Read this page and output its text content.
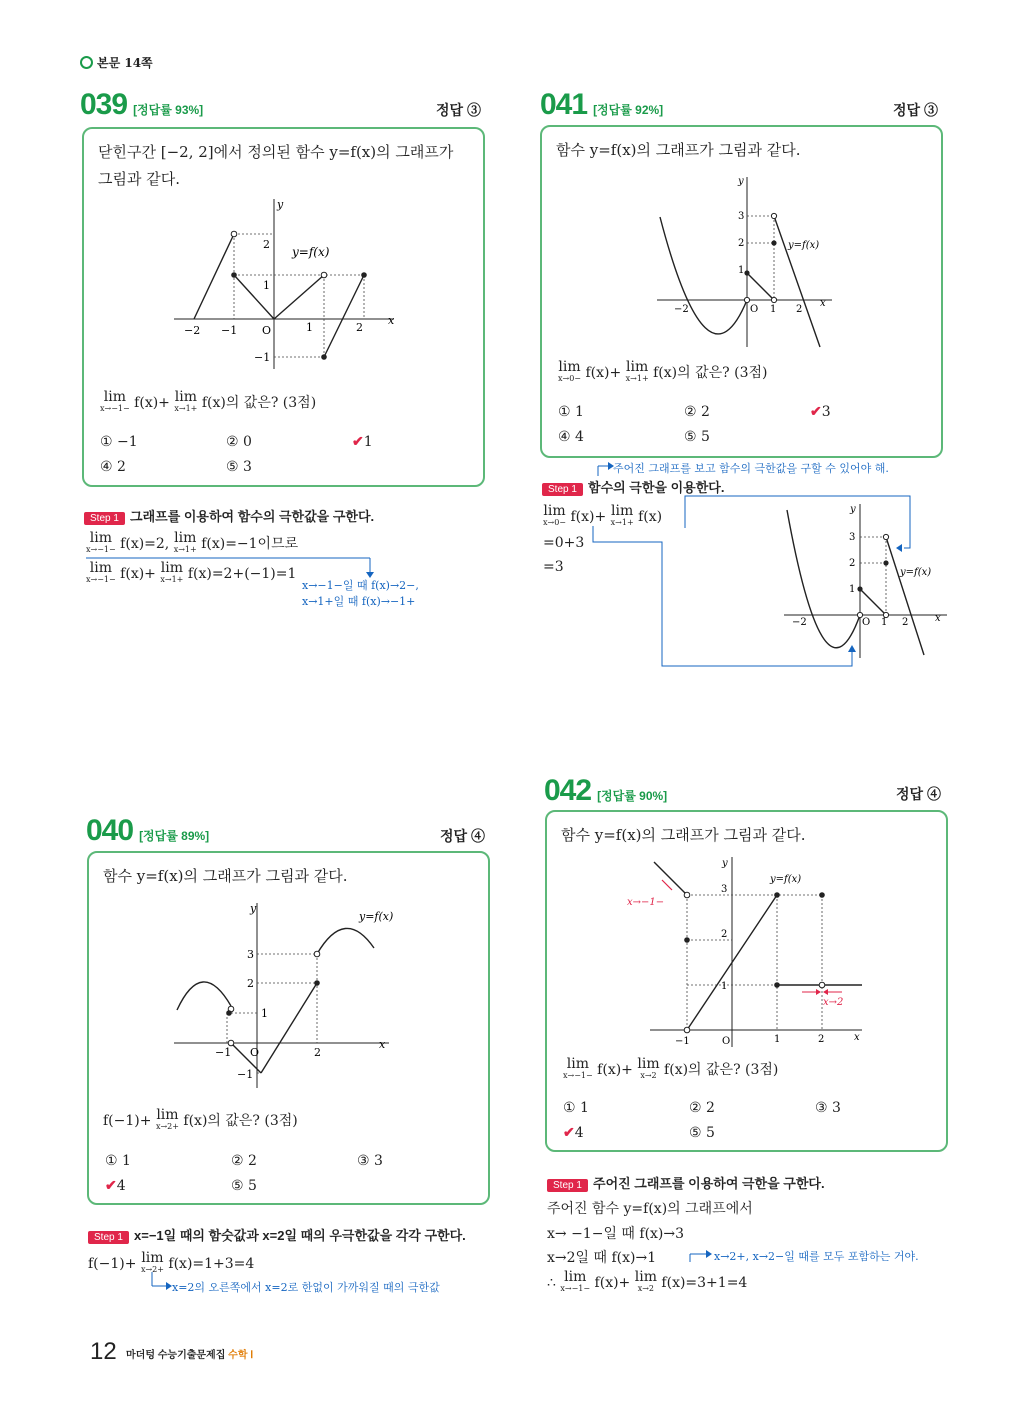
본문 14쪽
039 [정답률 93%]	정답 ③
닫힌구간 [−2, 2]에서 정의된 함수 y=f(x)의 그래프가
그림과 같다.
y
x
y=f(x)
−2 −1 O	1	2
2
1
−1
lim
x→−1− f(x)+ lim
x→1+ f(x)의 값은? (3점)
① −1	② 0	✔1
④ 2	⑤ 3
Step 1 그래프를 이용하여 함수의 극한값을 구한다.
lim
x→−1− f(x)=2, lim
x→1+ f(x)=−1이므로
lim
x→−1− f(x)+ lim
x→1+ f(x)=2+(−1)=1
x→−1−일 때 f(x)→2−,
x→1+일 때 f(x)→−1+
040 [정답률 89%]	정답 ④
함수 y=f(x)의 그래프가 그림과 같다.
y
x
y=f(x)
−1 O	2
3
2
1
−1
f(−1)+ lim
x→2+ f(x)의 값은? (3점)
① 1	② 2	③ 3
✔4	⑤ 5
Step 1 x=−1일 때의 함숫값과 x=2일 때의 우극한값을 각각 구한다.
f(−1)+ lim
x→2+ f(x)=1+3=4
x=2의 오른쪽에서 x=2로 한없이 가까워질 때의 극한값
041 [정답률 92%]	정답 ③
함수 y=f(x)의 그래프가 그림과 같다.
y
x
y=f(x)
−2	O 1 2
3
2
1
lim
x→0− f(x)+ lim
x→1+ f(x)의 값은? (3점)
① 1	② 2	✔3
④ 4	⑤ 5
주어진 그래프를 보고 함수의 극한값을 구할 수 있어야 해.
Step 1 함수의 극한을 이용한다.
lim
x→0− f(x)+ lim
x→1+ f(x)
=0+3
=3
y
x
y=f(x)
−2	O 1 2
3
2
1
042 [정답률 90%]	정답 ④
함수 y=f(x)의 그래프가 그림과 같다.
y
x
x→−1−
x→2
y=f(x)
−1	O	1	2
3
2
1
lim
x→−1− f(x)+ lim
x→2 f(x)의 값은? (3점)
① 1	② 2	③ 3
✔4	⑤ 5
Step 1 주어진 그래프를 이용하여 극한을 구한다.
주어진 함수 y=f(x)의 그래프에서
x→ −1−일 때 f(x)→3
x→2일 때 f(x)→1	x→2+, x→2−일 때를 모두 포함하는 거야.
∴ lim
x→−1− f(x)+ lim
x→2 f(x)=3+1=4
12 마더텅 수능기출문제집 수학 Ⅰ
